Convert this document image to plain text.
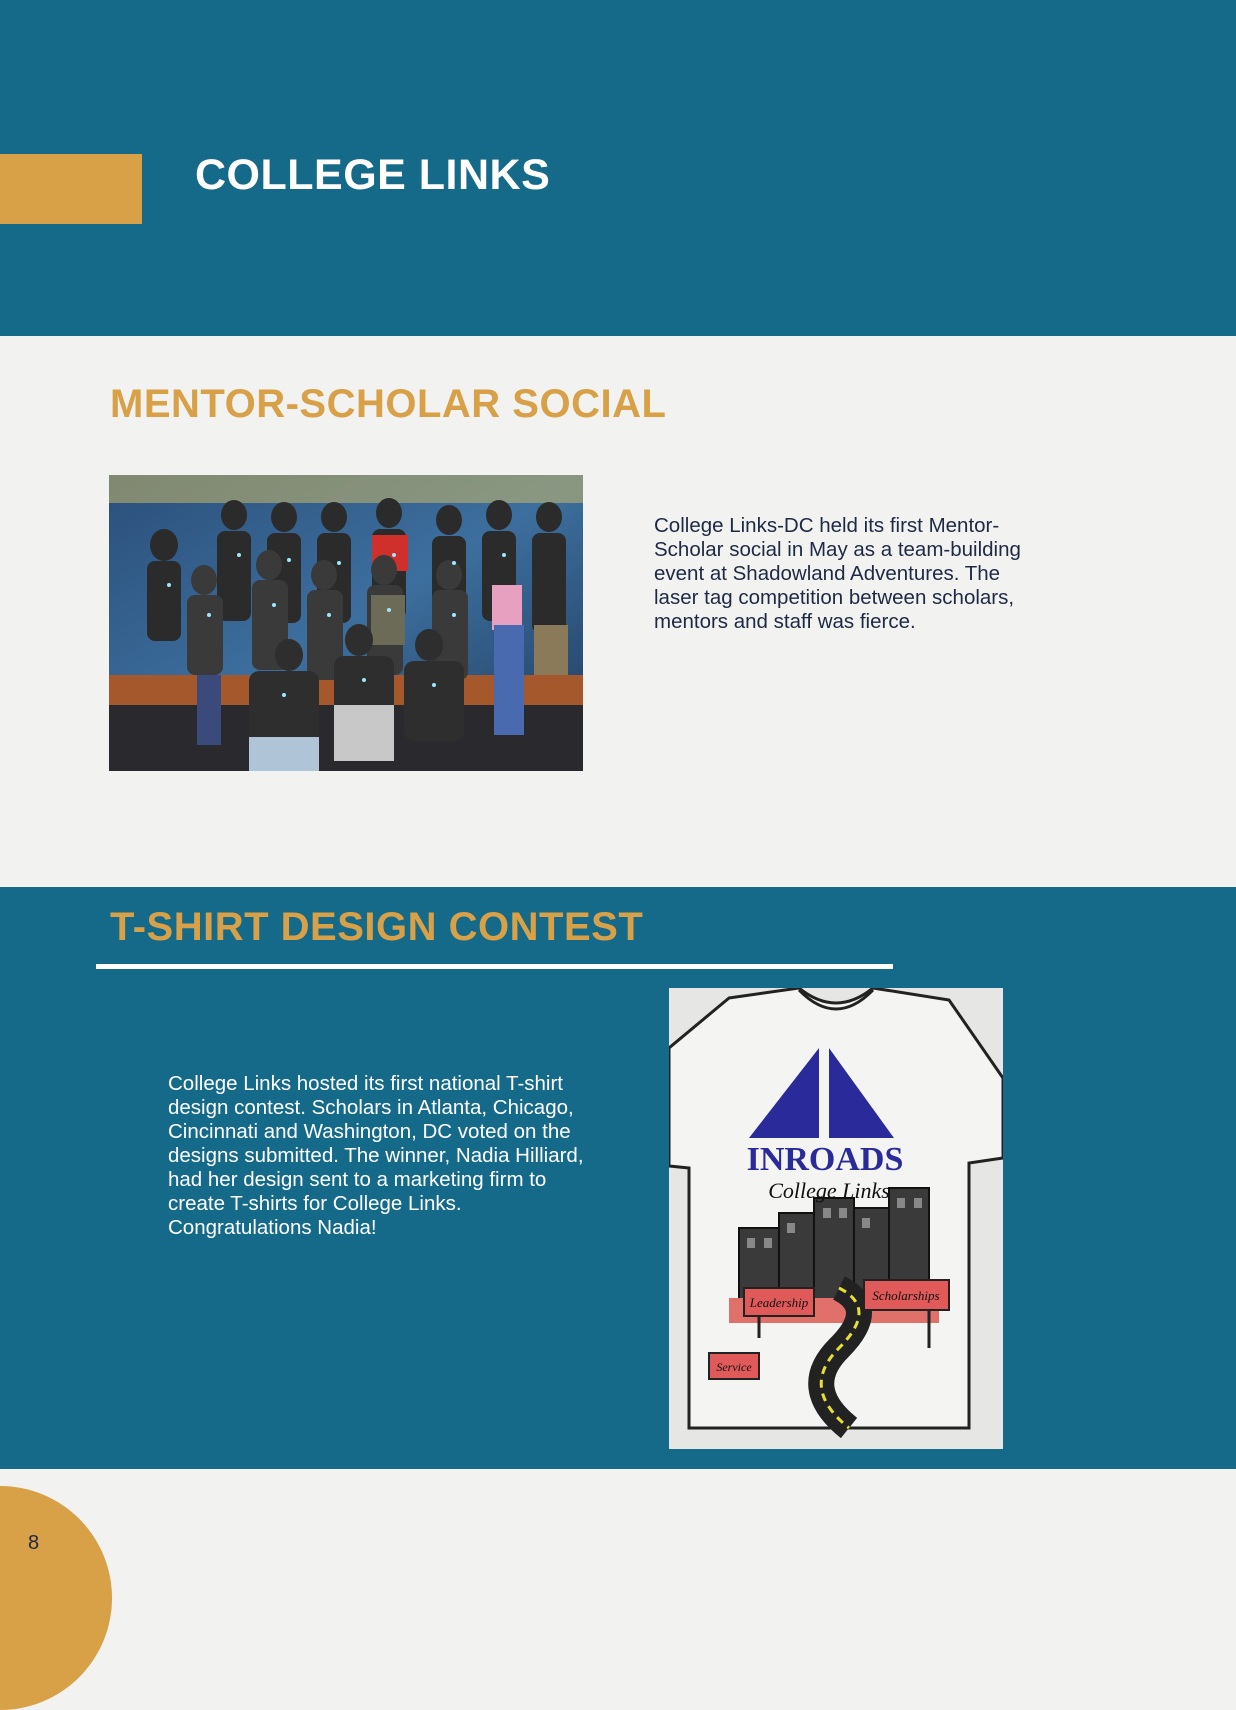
COLLEGE LINKS
MENTOR-SCHOLAR SOCIAL

College Links-DC held its first Mentor-Scholar social in May as a team-building event at Shadowland Adventures. The laser tag competition between scholars, mentors and staff was fierce.

T-SHIRT DESIGN CONTEST

College Links hosted its first national T-shirt design contest. Scholars in Atlanta, Chicago, Cincinnati and Washington, DC voted on the designs submitted. The winner, Nadia Hilliard, had her design sent to a marketing firm to create T-shirts for College Links. Congratulations Nadia!

INROADS
College Links
Leadership	Scholarships
Service
8
